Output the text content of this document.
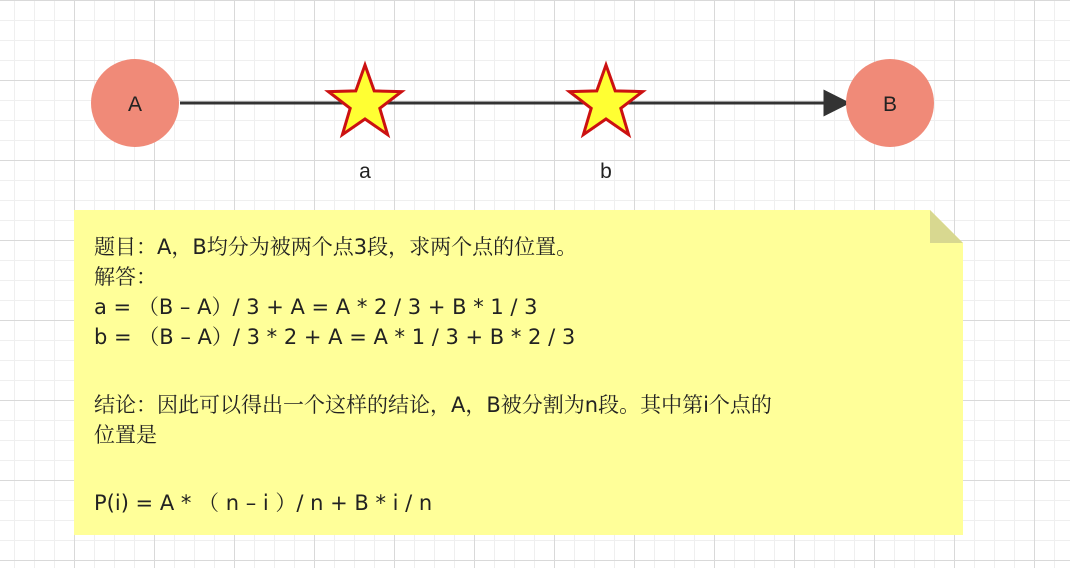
A	B
a	b
题目：A，B均分为被两个点3段，求两个点的位置。
解答：
a = （B – A）/ 3 + A = A * 2 / 3 + B * 1 / 3
b = （B – A）/ 3 * 2 + A = A * 1 / 3 + B * 2 / 3
结论：因此可以得出一个这样的结论，A，B被分割为n段。其中第i个点的
位置是
P(i) = A * （ n – i ）/ n + B * i / n
